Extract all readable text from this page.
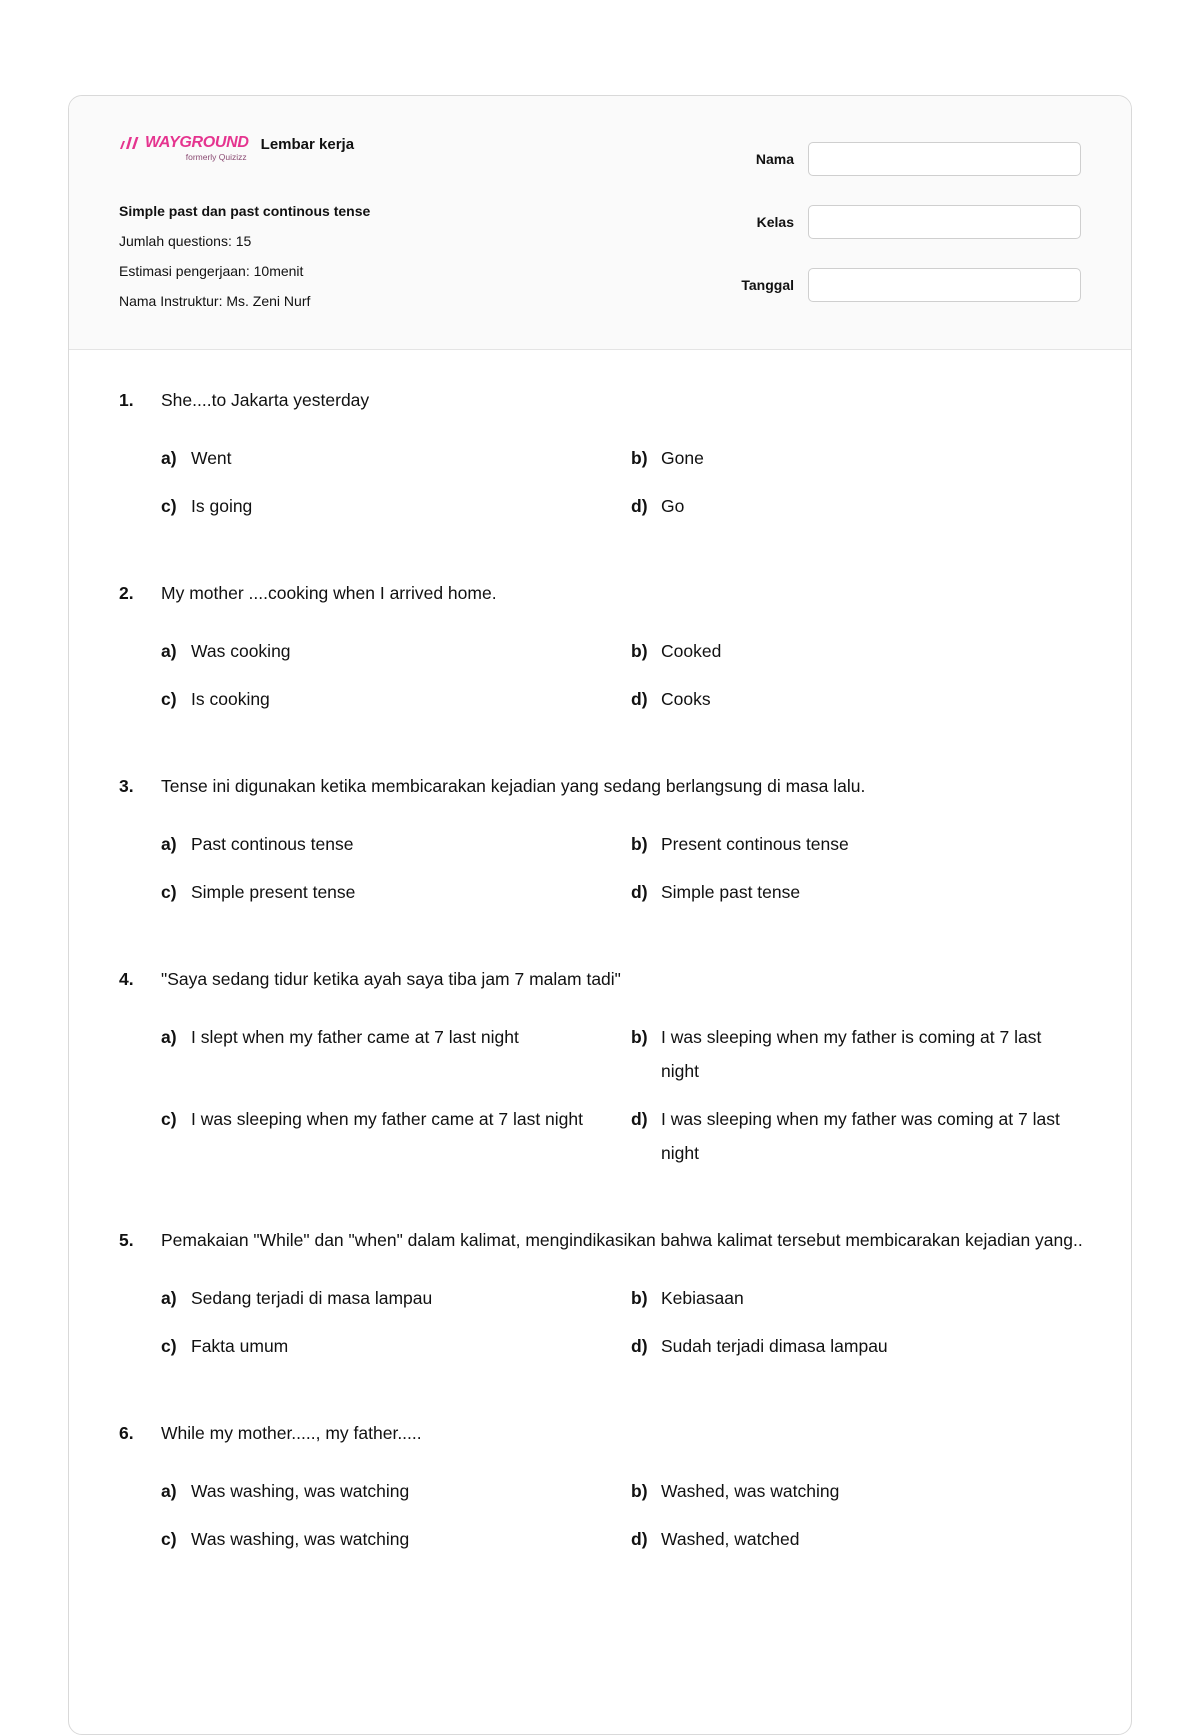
WAYGROUND
formerly Quizizz
Lembar kerja
Simple past dan past continous tense
Jumlah questions: 15
Estimasi pengerjaan: 10menit
Nama Instruktur: Ms. Zeni Nurf
Nama
Kelas
Tanggal
1.	She....to Jakarta yesterday
a) Went	b) Gone
c) Is going	d) Go
2.	My mother ....cooking when I arrived home.
a) Was cooking	b) Cooked
c) Is cooking	d) Cooks
3.	Tense ini digunakan ketika membicarakan kejadian yang sedang berlangsung di masa lalu.
a) Past continous tense	b) Present continous tense
c) Simple present tense	d) Simple past tense
4.	"Saya sedang tidur ketika ayah saya tiba jam 7 malam tadi"
a) I slept when my father came at 7 last night	b) I was sleeping when my father is coming at 7 last night
c) I was sleeping when my father came at 7 last night	d) I was sleeping when my father was coming at 7 last night
5.	Pemakaian "While" dan "when" dalam kalimat, mengindikasikan bahwa kalimat tersebut membicarakan kejadian yang..
a) Sedang terjadi di masa lampau	b) Kebiasaan
c) Fakta umum	d) Sudah terjadi dimasa lampau
6.	While my mother....., my father.....
a) Was washing, was watching	b) Washed, was watching
c) Was washing, was watching	d) Washed, watched
